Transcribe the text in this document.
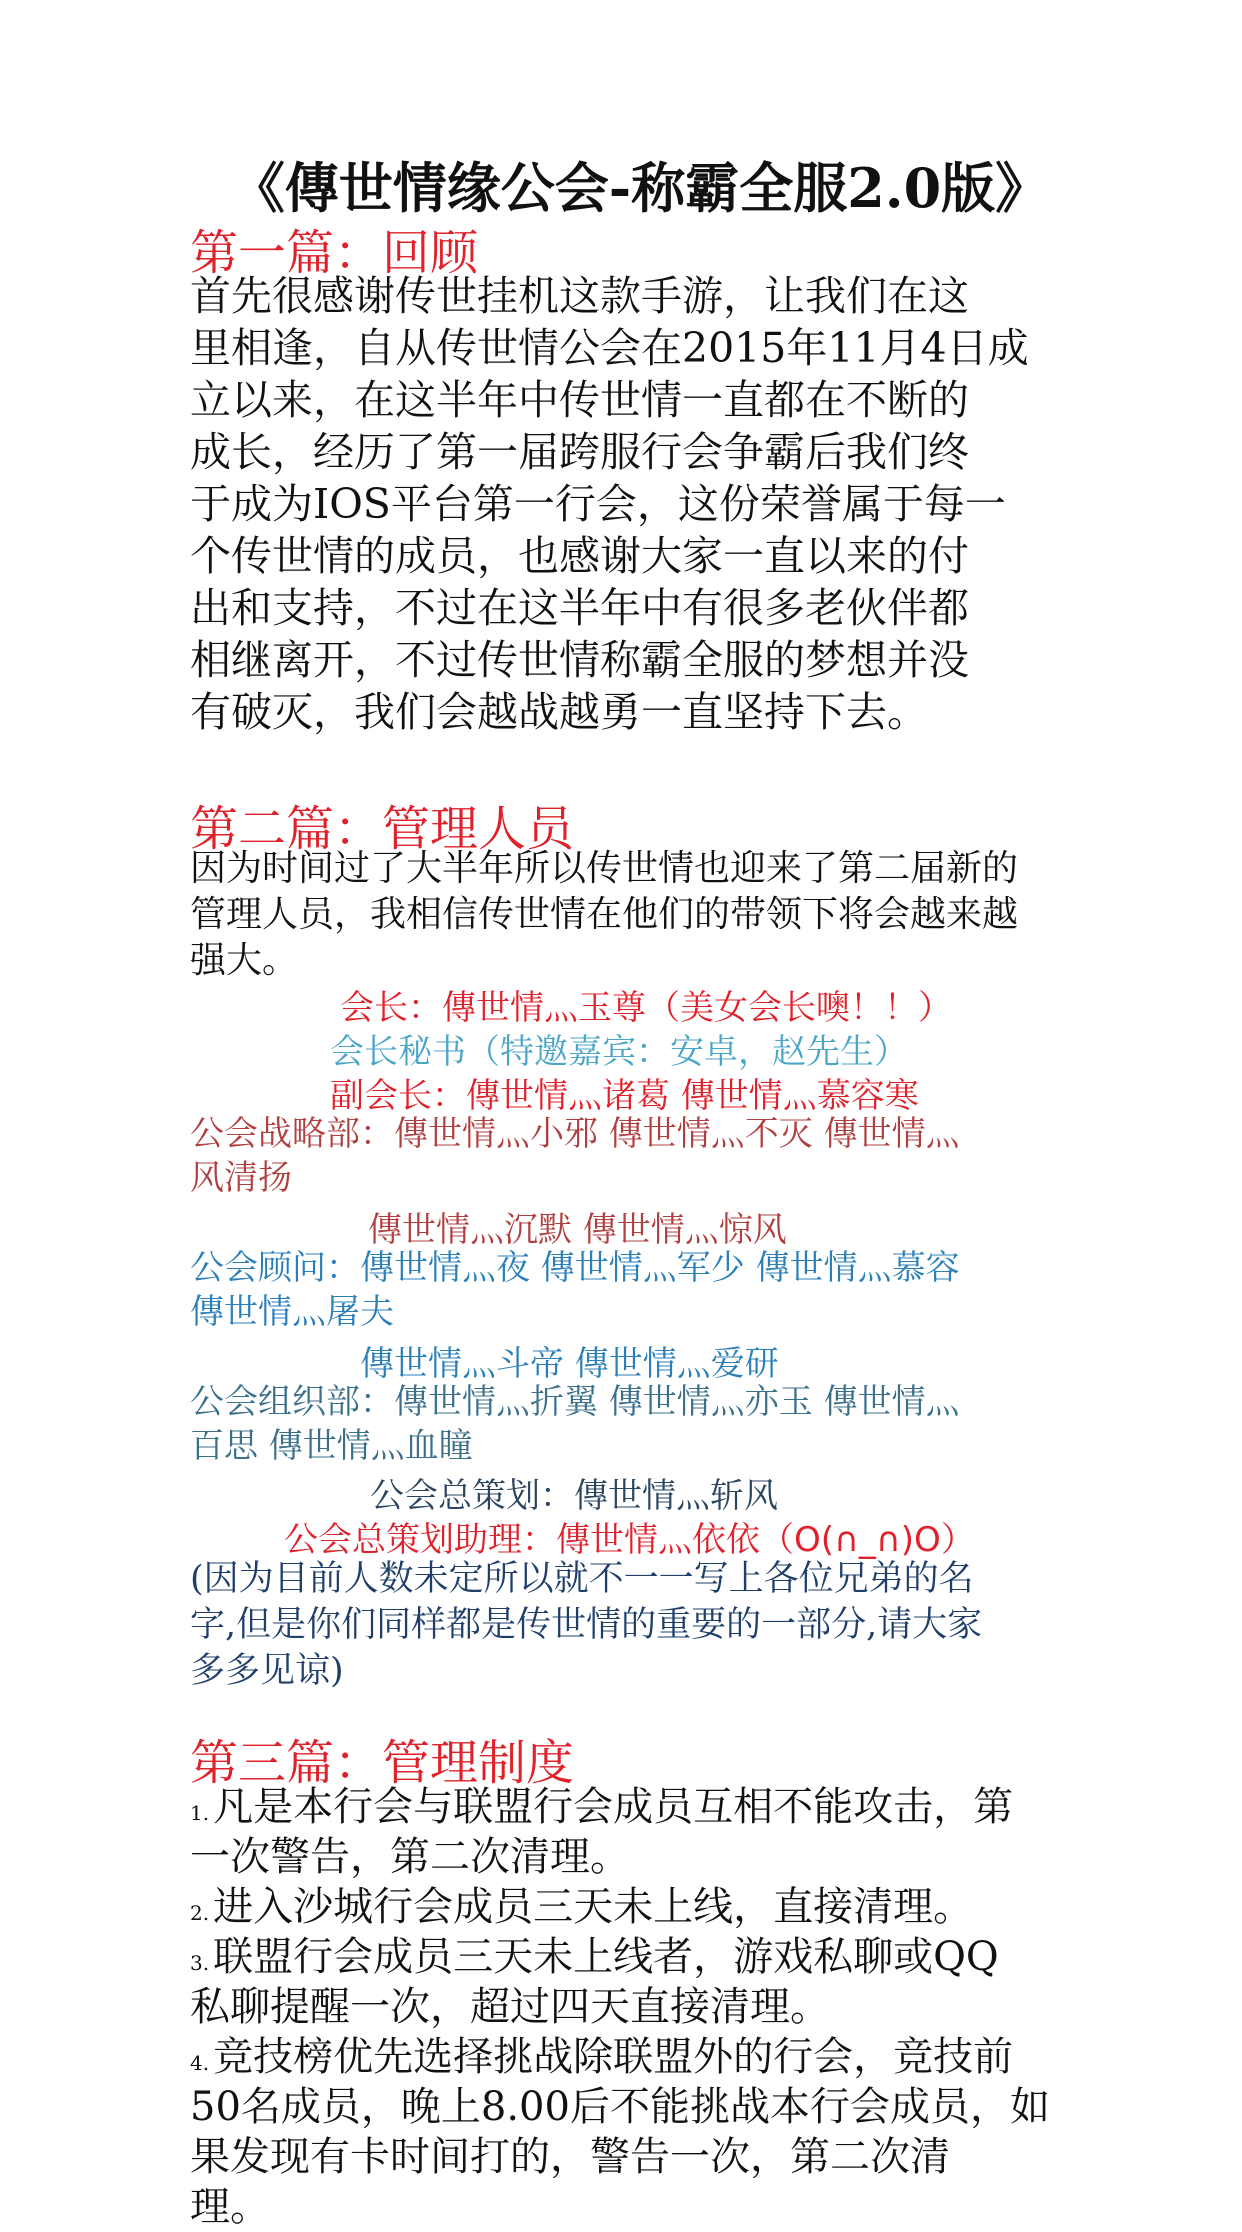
《傳世情缘公会-称霸全服2.0版》
第一篇：回顾
首先很感谢传世挂机这款手游，让我们在这
里相逢，自从传世情公会在2015年11月4日成
立以来，在这半年中传世情一直都在不断的
成长，经历了第一届跨服行会争霸后我们终
于成为IOS平台第一行会，这份荣誉属于每一
个传世情的成员，也感谢大家一直以来的付
出和支持，不过在这半年中有很多老伙伴都
相继离开，不过传世情称霸全服的梦想并没
有破灭，我们会越战越勇一直坚持下去。
第二篇：管理人员
因为时间过了大半年所以传世情也迎来了第二届新的
管理人员，我相信传世情在他们的带领下将会越来越
强大。
会长：傳世情灬玉尊（美女会长噢！！）
会长秘书（特邀嘉宾：安卓，赵先生）
副会长：傳世情灬诸葛 傳世情灬慕容寒
公会战略部：傳世情灬小邪 傳世情灬不灭 傳世情灬
风清扬
傳世情灬沉默 傳世情灬惊风
公会顾问：傳世情灬夜 傳世情灬军少 傳世情灬慕容
傳世情灬屠夫
傳世情灬斗帝 傳世情灬爱研
公会组织部：傳世情灬折翼 傳世情灬亦玉 傳世情灬
百思 傳世情灬血瞳
公会总策划：傳世情灬斩风
公会总策划助理：傳世情灬依依（O(∩_∩)O）
(因为目前人数未定所以就不一一写上各位兄弟的名
字,但是你们同样都是传世情的重要的一部分,请大家
多多见谅)
第三篇：管理制度
1. 凡是本行会与联盟行会成员互相不能攻击，第
一次警告，第二次清理。
2. 进入沙城行会成员三天未上线，直接清理。
3. 联盟行会成员三天未上线者，游戏私聊或QQ
私聊提醒一次，超过四天直接清理。
4. 竞技榜优先选择挑战除联盟外的行会，竞技前
50名成员，晚上8.00后不能挑战本行会成员，如
果发现有卡时间打的，警告一次，第二次清
理。
